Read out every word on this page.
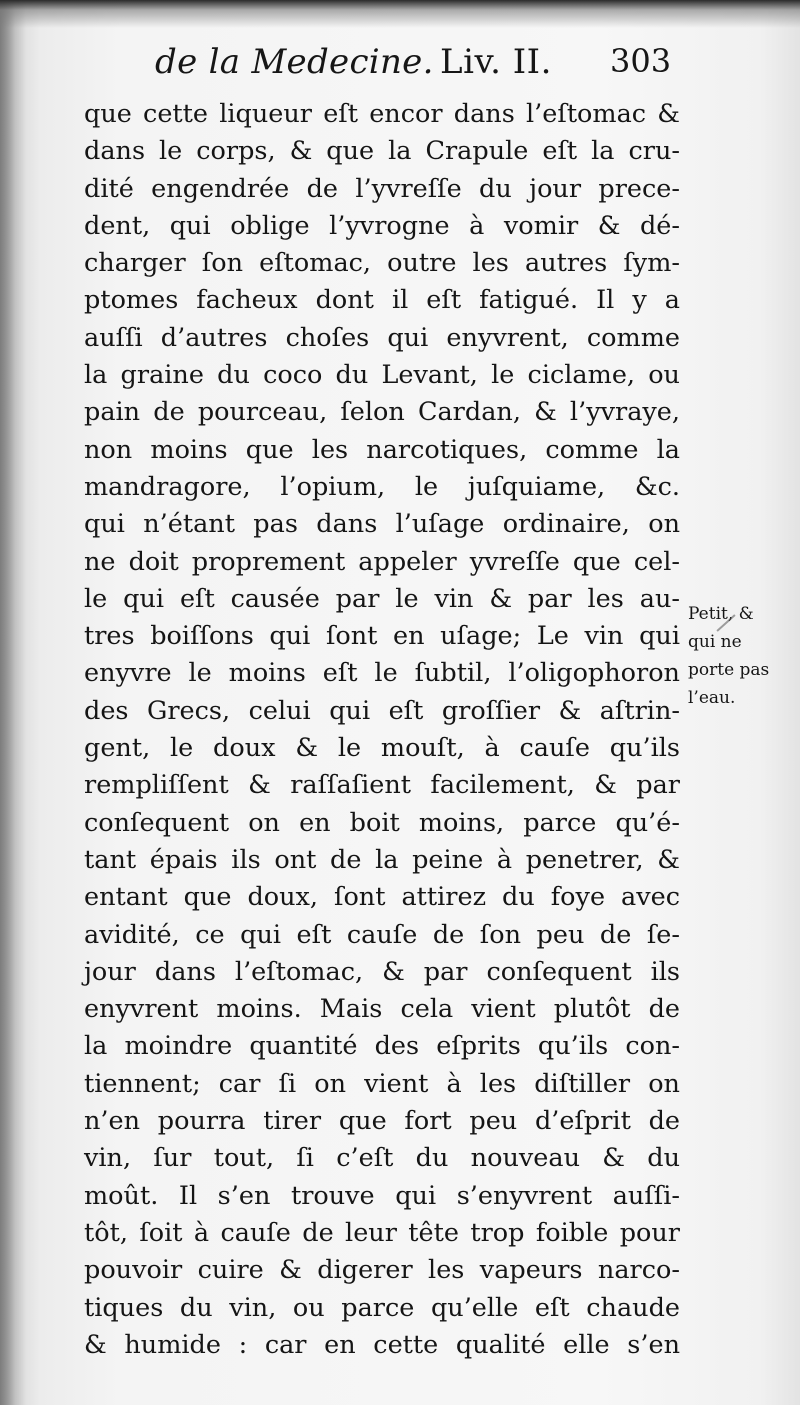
de la Medecine. Liv. II. 303
que cette liqueur eſt encor dans l’eſtomac &
dans le corps, & que la Crapule eſt la cru-
dité engendrée de l’yvreſſe du jour prece-
dent, qui oblige l’yvrogne à vomir & dé-
charger ſon eſtomac, outre les autres ſym-
ptomes facheux dont il eſt fatigué. Il y a
auſſi d’autres choſes qui enyvrent, comme
la graine du coco du Levant, le ciclame, ou
pain de pourceau, ſelon Cardan, & l’yvraye,
non moins que les narcotiques, comme la
mandragore, l’opium, le juſquiame, &c.
qui n’étant pas dans l’uſage ordinaire, on
ne doit proprement appeler yvreſſe que cel-
le qui eſt causée par le vin & par les au-
tres boiſſons qui ſont en uſage; Le vin qui
enyvre le moins eſt le ſubtil, l’oligophoron
des Grecs, celui qui eſt groſſier & aſtrin-
gent, le doux & le mouſt, à cauſe qu’ils
rempliſſent & raſſaſient facilement, & par
conſequent on en boit moins, parce qu’é-
tant épais ils ont de la peine à penetrer, &
entant que doux, ſont attirez du foye avec
avidité, ce qui eſt cauſe de ſon peu de ſe-
jour dans l’eſtomac, & par conſequent ils
enyvrent moins. Mais cela vient plutôt de
la moindre quantité des eſprits qu’ils con-
tiennent; car ſi on vient à les diſtiller on
n’en pourra tirer que fort peu d’eſprit de
vin, ſur tout, ſi c’eſt du nouveau & du
moût. Il s’en trouve qui s’enyvrent auſſi-
tôt, ſoit à cauſe de leur tête trop foible pour
pouvoir cuire & digerer les vapeurs narco-
tiques du vin, ou parce qu’elle eſt chaude
& humide : car en cette qualité elle s’en
Petit, &
qui ne
porte pas
l’eau.
